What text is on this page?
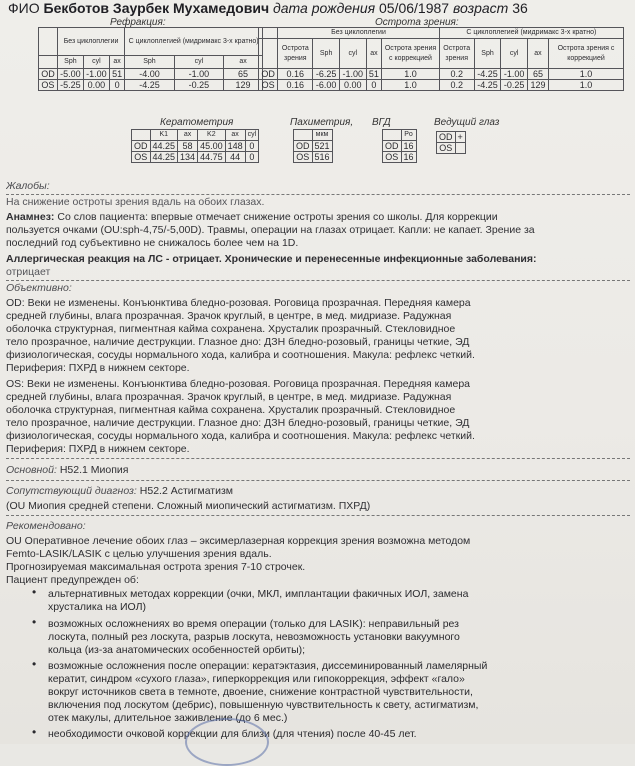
ФИО Бекботов Заурбек Мухамедович дата рождения 05/06/1987 возраст 36
Рефракция:
	Без циклоплегии			С циклоплегией (мидримакс 3-х кратно)		
	Sph	cyl	ax	Sph	cyl	ax
OD	-5.00	-1.00	51	-4.00	-1.00	65
OS	-5.25	0.00	0	-4.25	-0.25	129
Острота зрения:
	Без циклоплегии					С циклоплегией (мидримакс 3-х кратно)				
	Острота зрения	Sph	cyl	ax	Острота зрения с коррекцией	Острота зрения	Sph	cyl	ax	Острота зрения с коррекцией
OD	0.16	-6.25	-1.00	51	1.0	0.2	-4.25	-1.00	65	1.0
OS	0.16	-6.00	0.00	0	1.0	0.2	-4.25	-0.25	129	1.0
Кератометрия
	K1	ax	K2	ax	cyl
OD	44.25	58	45.00	148	0
OS	44.25	134	44.75	44	0
Пахиметрия,
	мкм
OD	521
OS	516
ВГД
	Po
OD	16
OS	16
Ведущий глаз
OD	+
OS	
Жалобы:
На снижение остроты зрения вдаль на обоих глазах.
Анамнез: Со слов пациента: впервые отмечает снижение остроты зрения со школы. Для коррекции
пользуется очками (OU:sph-4,75/-5,00D). Травмы, операции на глазах отрицает. Капли: не капает. Зрение за
последний год субъективно не снижалось более чем на 1D.
Аллергическая реакция на ЛС - отрицает. Хронические и перенесенные инфекционные заболевания:
отрицает
Объективно:
OD: Веки не изменены. Конъюнктива бледно-розовая. Роговица прозрачная. Передняя камера
средней глубины, влага прозрачная. Зрачок круглый, в центре, в мед. мидриазе. Радужная
оболочка структурная, пигментная кайма сохранена. Хрусталик прозрачный. Стекловидное
тело прозрачное, наличие деструкции. Глазное дно: ДЗН бледно-розовый, границы четкие, ЭД
физиологическая, сосуды нормального хода, калибра и соотношения. Макула: рефлекс четкий.
Периферия: ПХРД в нижнем секторе.
OS: Веки не изменены. Конъюнктива бледно-розовая. Роговица прозрачная. Передняя камера
средней глубины, влага прозрачная. Зрачок круглый, в центре, в мед. мидриазе. Радужная
оболочка структурная, пигментная кайма сохранена. Хрусталик прозрачный. Стекловидное
тело прозрачное, наличие деструкции. Глазное дно: ДЗН бледно-розовый, границы четкие, ЭД
физиологическая, сосуды нормального хода, калибра и соотношения. Макула: рефлекс четкий.
Периферия: ПХРД в нижнем секторе.
Основной: H52.1 Миопия
Сопутствующий диагноз: H52.2 Астигматизм
(OU Миопия средней степени. Сложный миопический астигматизм. ПХРД)
Рекомендовано:
OU Оперативное лечение обоих глаз – эксимерлазерная коррекция зрения возможна методом
Femto-LASIK/LASIK с целью улучшения зрения вдаль.
Прогнозируемая максимальная острота зрения 7-10 строчек.
Пациент предупрежден об:
• альтернативных методах коррекции (очки, МКЛ, имплантации факичных ИОЛ, замена
хрусталика на ИОЛ)
• возможных осложнениях во время операции (только для LASIK): неправильный рез
лоскута, полный рез лоскута, разрыв лоскута, невозможность установки вакуумного
кольца (из-за анатомических особенностей орбиты);
• возможные осложнения после операции: кератэктазия, диссеминированный ламелярный
кератит, синдром «сухого глаза», гиперкоррекция или гипокоррекция, эффект «гало»
вокруг источников света в темноте, двоение, снижение контрастной чувствительности,
включения под лоскутом (дебрис), повышенную чувствительность к свету, астигматизм,
отек макулы, длительное заживление (до 6 мес.)
• необходимости очковой коррекции для близи (для чтения) после 40-45 лет.
